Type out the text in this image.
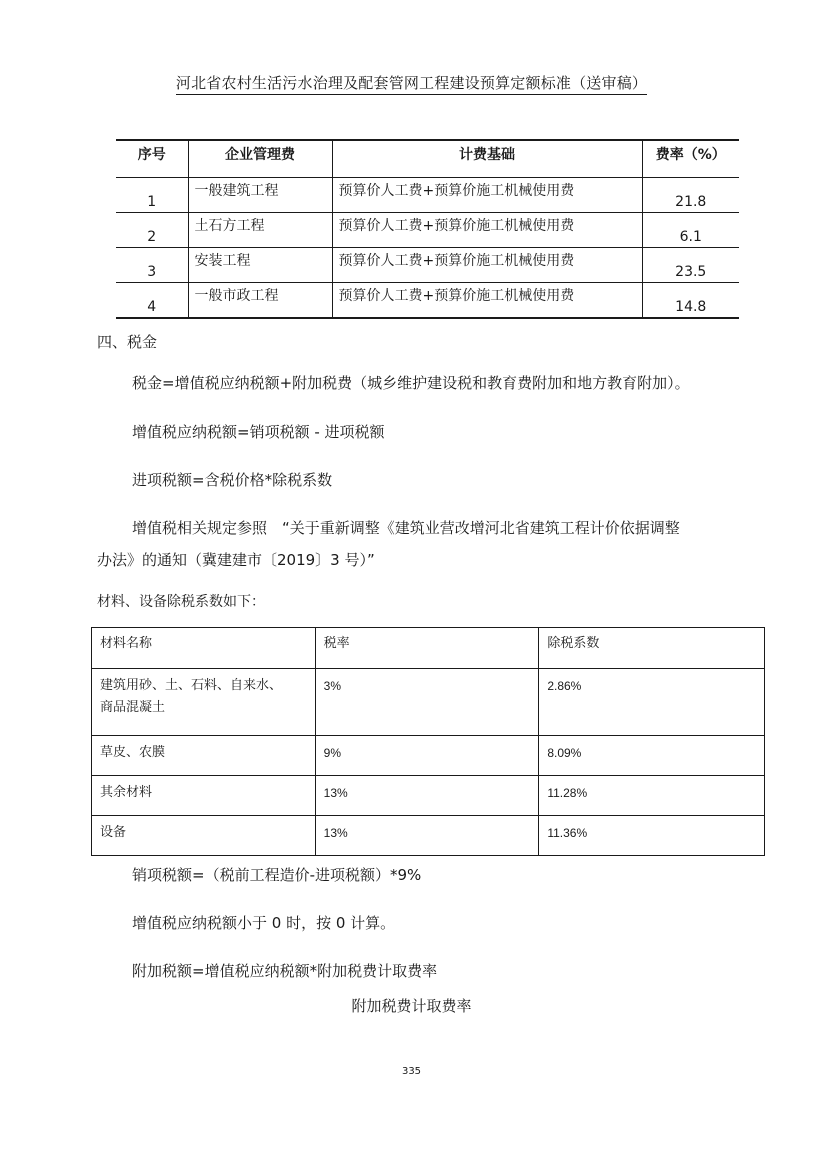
河北省农村生活污水治理及配套管网工程建设预算定额标准（送审稿）
序号	企业管理费	计费基础	费率（%）
1	一般建筑工程	预算价人工费+预算价施工机械使用费	21.8
2	土石方工程	预算价人工费+预算价施工机械使用费	6.1
3	安装工程	预算价人工费+预算价施工机械使用费	23.5
4	一般市政工程	预算价人工费+预算价施工机械使用费	14.8
四、税金
税金=增值税应纳税额+附加税费（城乡维护建设税和教育费附加和地方教育附加）。
增值税应纳税额=销项税额 - 进项税额
进项税额=含税价格*除税系数
增值税相关规定参照　“关于重新调整《建筑业营改增河北省建筑工程计价依据调整
办法》的通知（冀建建市〔2019〕3 号）”
材料、设备除税系数如下：
材料名称	税率	除税系数

建筑用砂、土、石料、自来水、
商品混凝土	3%	2.86%
草皮、农膜	9%	8.09%
其余材料	13%	11.28%
设备	13%	11.36%
销项税额=（税前工程造价-进项税额）*9%
增值税应纳税额小于 0 时，按 0 计算。
附加税额=增值税应纳税额*附加税费计取费率
附加税费计取费率
335
